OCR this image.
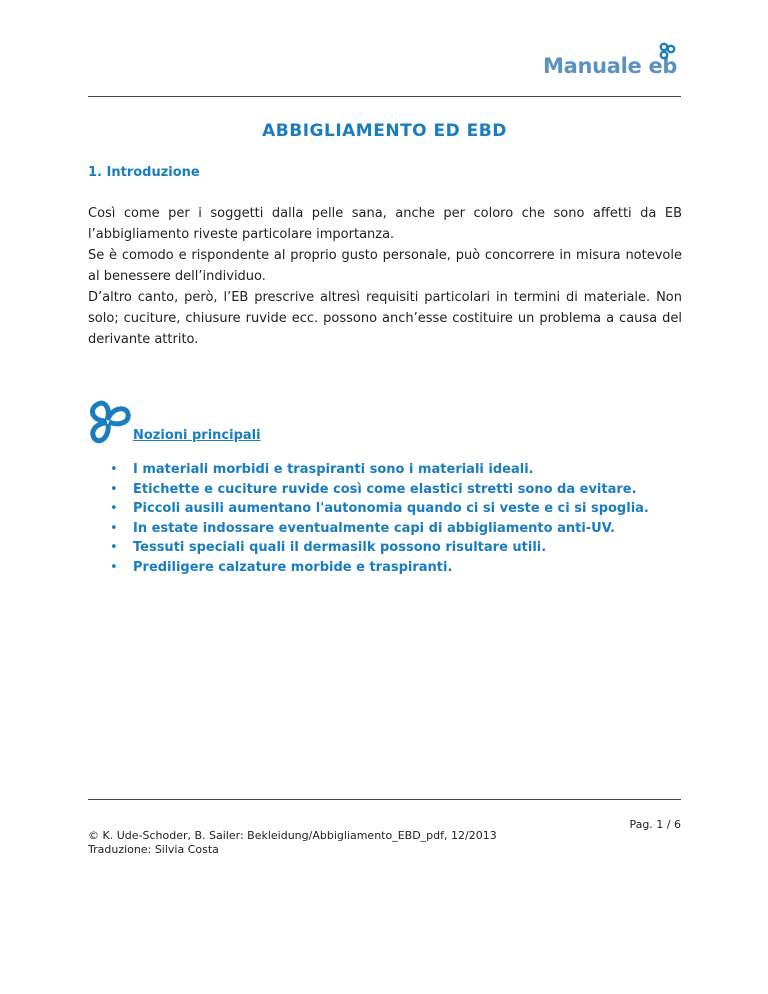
Manuale eb
ABBIGLIAMENTO ED EBD
1. Introduzione

Così come per i soggetti dalla pelle sana, anche per coloro che sono affetti da EB l’abbigliamento riveste particolare importanza.

Se è comodo e rispondente al proprio gusto personale, può concorrere in misura notevole al benessere dell’individuo.

D’altro canto, però, l’EB prescrive altresì requisiti particolari in termini di materiale. Non solo; cuciture, chiusure ruvide ecc. possono anch’esse costituire un problema a causa del derivante attrito.

Nozioni principali
• I materiali morbidi e traspiranti sono i materiali ideali.
• Etichette e cuciture ruvide così come elastici stretti sono da evitare.
• Piccoli ausili aumentano l'autonomia quando ci si veste e ci si spoglia.
• In estate indossare eventualmente capi di abbigliamento anti-UV.
• Tessuti speciali quali il dermasilk possono risultare utili.
• Prediligere calzature morbide e traspiranti.
Pag. 1 / 6
© K. Ude-Schoder, B. Sailer: Bekleidung/Abbigliamento_EBD_pdf, 12/2013
Traduzione: Silvia Costa
